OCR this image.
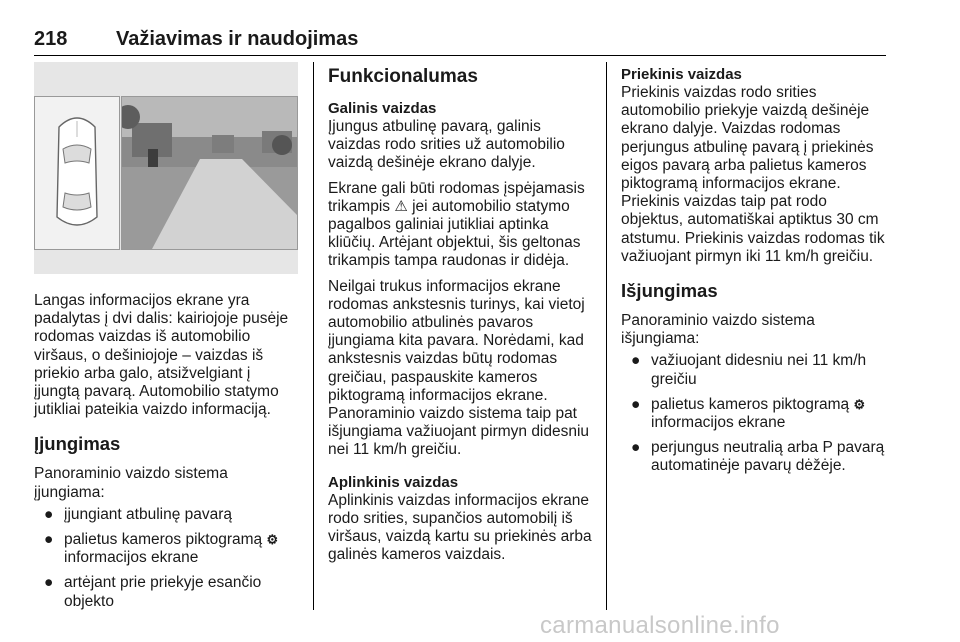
218 Važiavimas ir naudojimas

Langas informacijos ekrane yra padalytas į dvi dalis: kairiojoje pusėje rodomas vaizdas iš automobilio viršaus, o dešiniojoje – vaizdas iš priekio arba galo, atsižvelgiant į įjungtą pavarą. Automobilio statymo jutikliai pateikia vaizdo informaciją.

Įjungimas

Panoraminio vaizdo sistema įjungiama:

● įjungiant atbulinę pavarą
● palietus kameros piktogramą ⚙ informacijos ekrane
● artėjant prie priekyje esančio objekto
Funkcionalumas
Galinis vaizdas

Įjungus atbulinę pavarą, galinis vaizdas rodo srities už automobilio vaizdą dešinėje ekrano dalyje.

Ekrane gali būti rodomas įspėjamasis trikampis ⚠ jei automobilio statymo pagalbos galiniai jutikliai aptinka kliūčių. Artėjant objektui, šis geltonas trikampis tampa raudonas ir didėja.

Neilgai trukus informacijos ekrane rodomas ankstesnis turinys, kai vietoj automobilio atbulinės pavaros įjungiama kita pavara. Norėdami, kad ankstesnis vaizdas būtų rodomas greičiau, paspauskite kameros piktogramą informacijos ekrane. Panoraminio vaizdo sistema taip pat išjungiama važiuojant pirmyn didesniu nei 11 km/h greičiu.

Aplinkinis vaizdas

Aplinkinis vaizdas informacijos ekrane rodo srities, supančios automobilį iš viršaus, vaizdą kartu su priekinės arba galinės kameros vaizdais.

Priekinis vaizdas

Priekinis vaizdas rodo srities automobilio priekyje vaizdą dešinėje ekrano dalyje. Vaizdas rodomas perjungus atbulinę pavarą į priekinės eigos pavarą arba palietus kameros piktogramą informacijos ekrane. Priekinis vaizdas taip pat rodo objektus, automatiškai aptiktus 30 cm atstumu. Priekinis vaizdas rodomas tik važiuojant pirmyn iki 11 km/h greičiu.

Išjungimas

Panoraminio vaizdo sistema išjungiama:

● važiuojant didesniu nei 11 km/h greičiu
● palietus kameros piktogramą ⚙ informacijos ekrane
● perjungus neutralią arba P pavarą automatinėje pavarų dėžėje.
carmanualsonline.info
